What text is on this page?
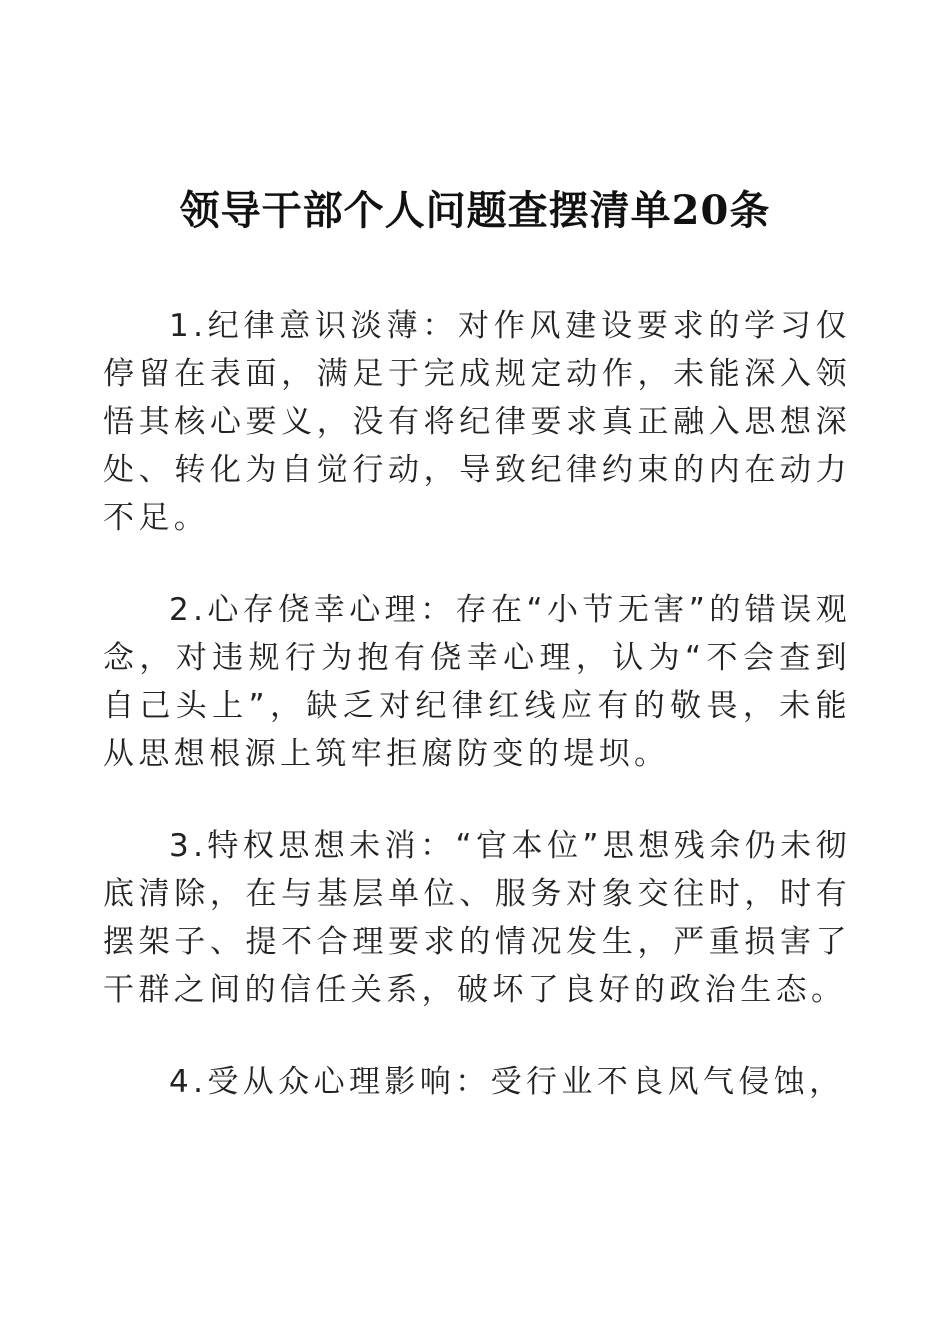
领导干部个人问题查摆清单20条

1.纪律意识淡薄：对作风建设要求的学习仅停留在表面，满足于完成规定动作，未能深入领悟其核心要义，没有将纪律要求真正融入思想深处、转化为自觉行动，导致纪律约束的内在动力不足。

2.心存侥幸心理：存在“小节无害”的错误观念，对违规行为抱有侥幸心理，认为“不会查到自己头上”，缺乏对纪律红线应有的敬畏，未能从思想根源上筑牢拒腐防变的堤坝。

3.特权思想未消：“官本位”思想残余仍未彻底清除，在与基层单位、服务对象交往时，时有摆架子、提不合理要求的情况发生，严重损害了干群之间的信任关系，破坏了良好的政治生态。

4.受从众心理影响：受行业不良风气侵蚀，
